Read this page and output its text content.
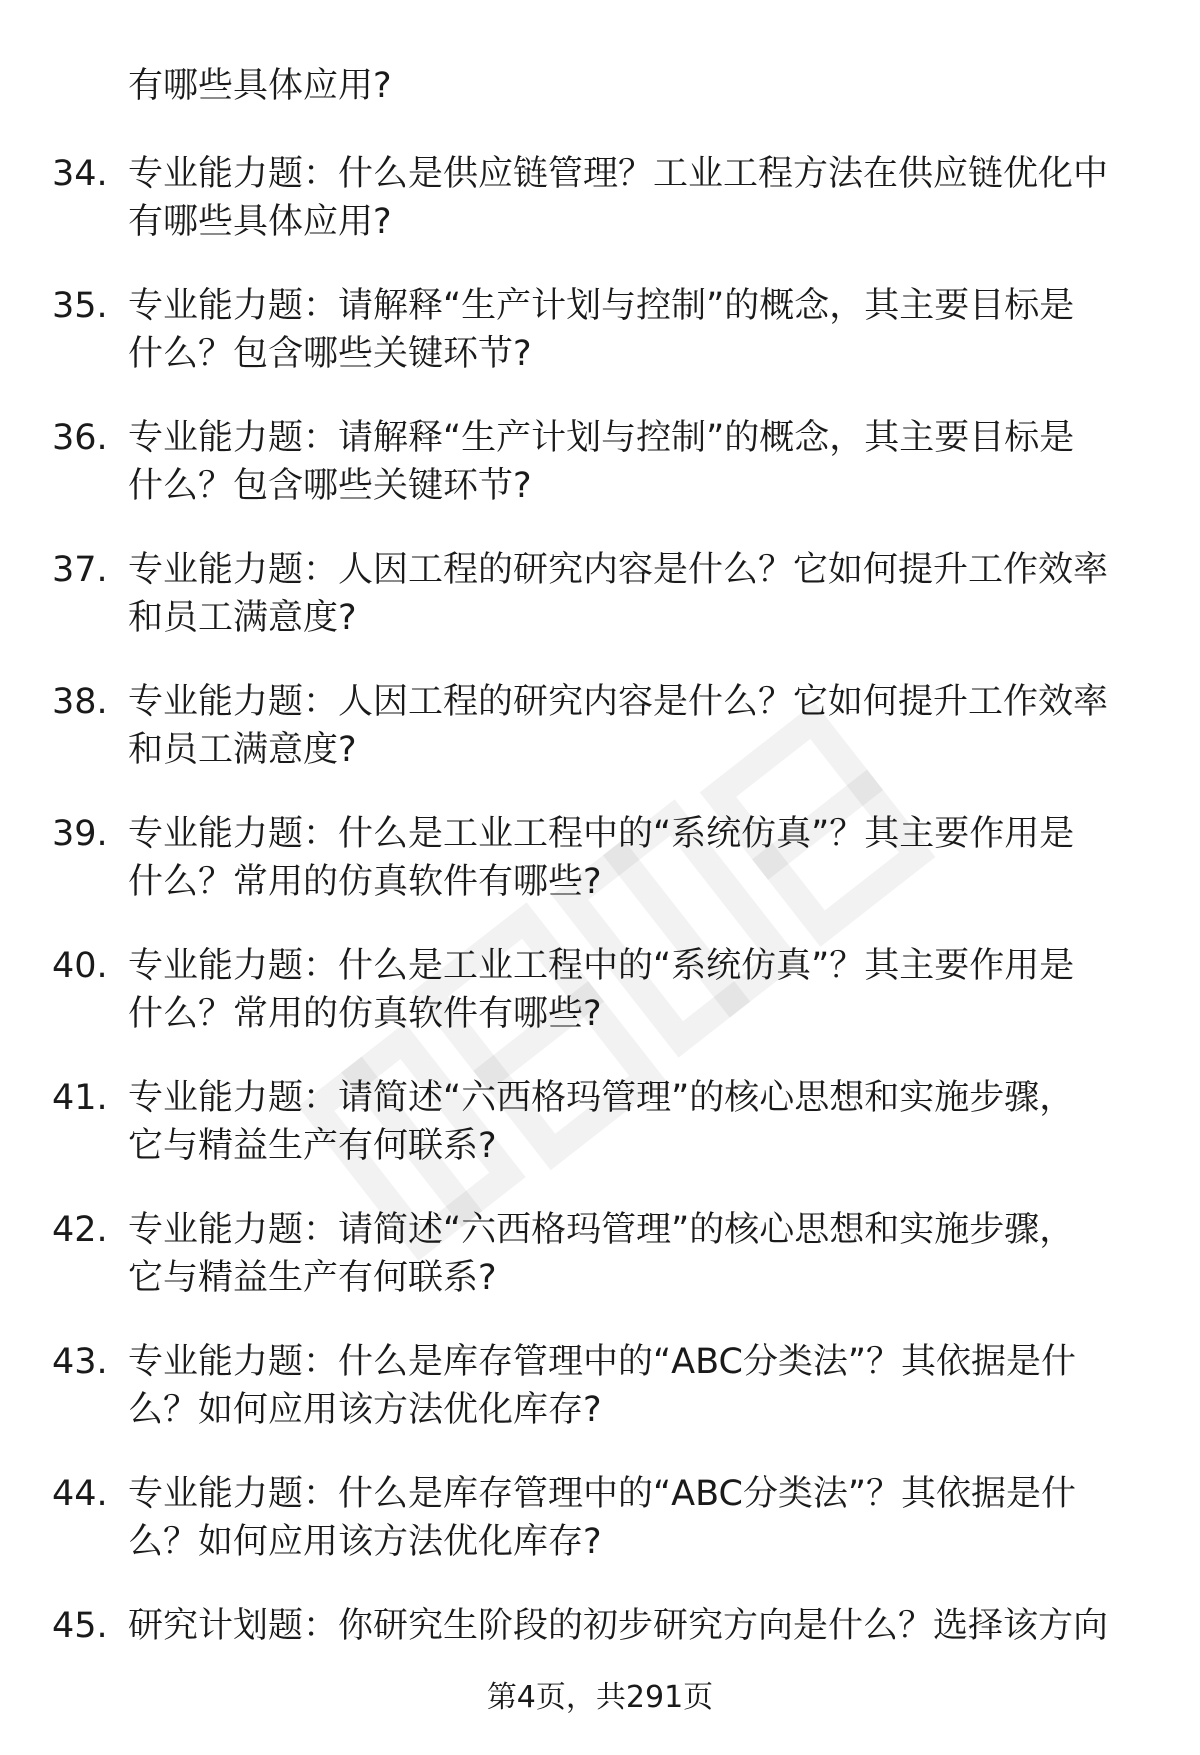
有哪些具体应用?
34. 专业能力题：什么是供应链管理？工业工程方法在供应链优化中
有哪些具体应用?
35. 专业能力题：请解释“生产计划与控制”的概念，其主要目标是
什么？包含哪些关键环节?
36. 专业能力题：请解释“生产计划与控制”的概念，其主要目标是
什么？包含哪些关键环节?
37. 专业能力题：人因工程的研究内容是什么？它如何提升工作效率
和员工满意度?
38. 专业能力题：人因工程的研究内容是什么？它如何提升工作效率
和员工满意度?
39. 专业能力题：什么是工业工程中的“系统仿真”？其主要作用是
什么？常用的仿真软件有哪些?
40. 专业能力题：什么是工业工程中的“系统仿真”？其主要作用是
什么？常用的仿真软件有哪些?
41. 专业能力题：请简述“六西格玛管理”的核心思想和实施步骤，
它与精益生产有何联系?
42. 专业能力题：请简述“六西格玛管理”的核心思想和实施步骤，
它与精益生产有何联系?
43. 专业能力题：什么是库存管理中的“ABC分类法”？其依据是什
么？如何应用该方法优化库存?
44. 专业能力题：什么是库存管理中的“ABC分类法”？其依据是什
么？如何应用该方法优化库存?
45. 研究计划题：你研究生阶段的初步研究方向是什么？选择该方向
第4页，共291页
